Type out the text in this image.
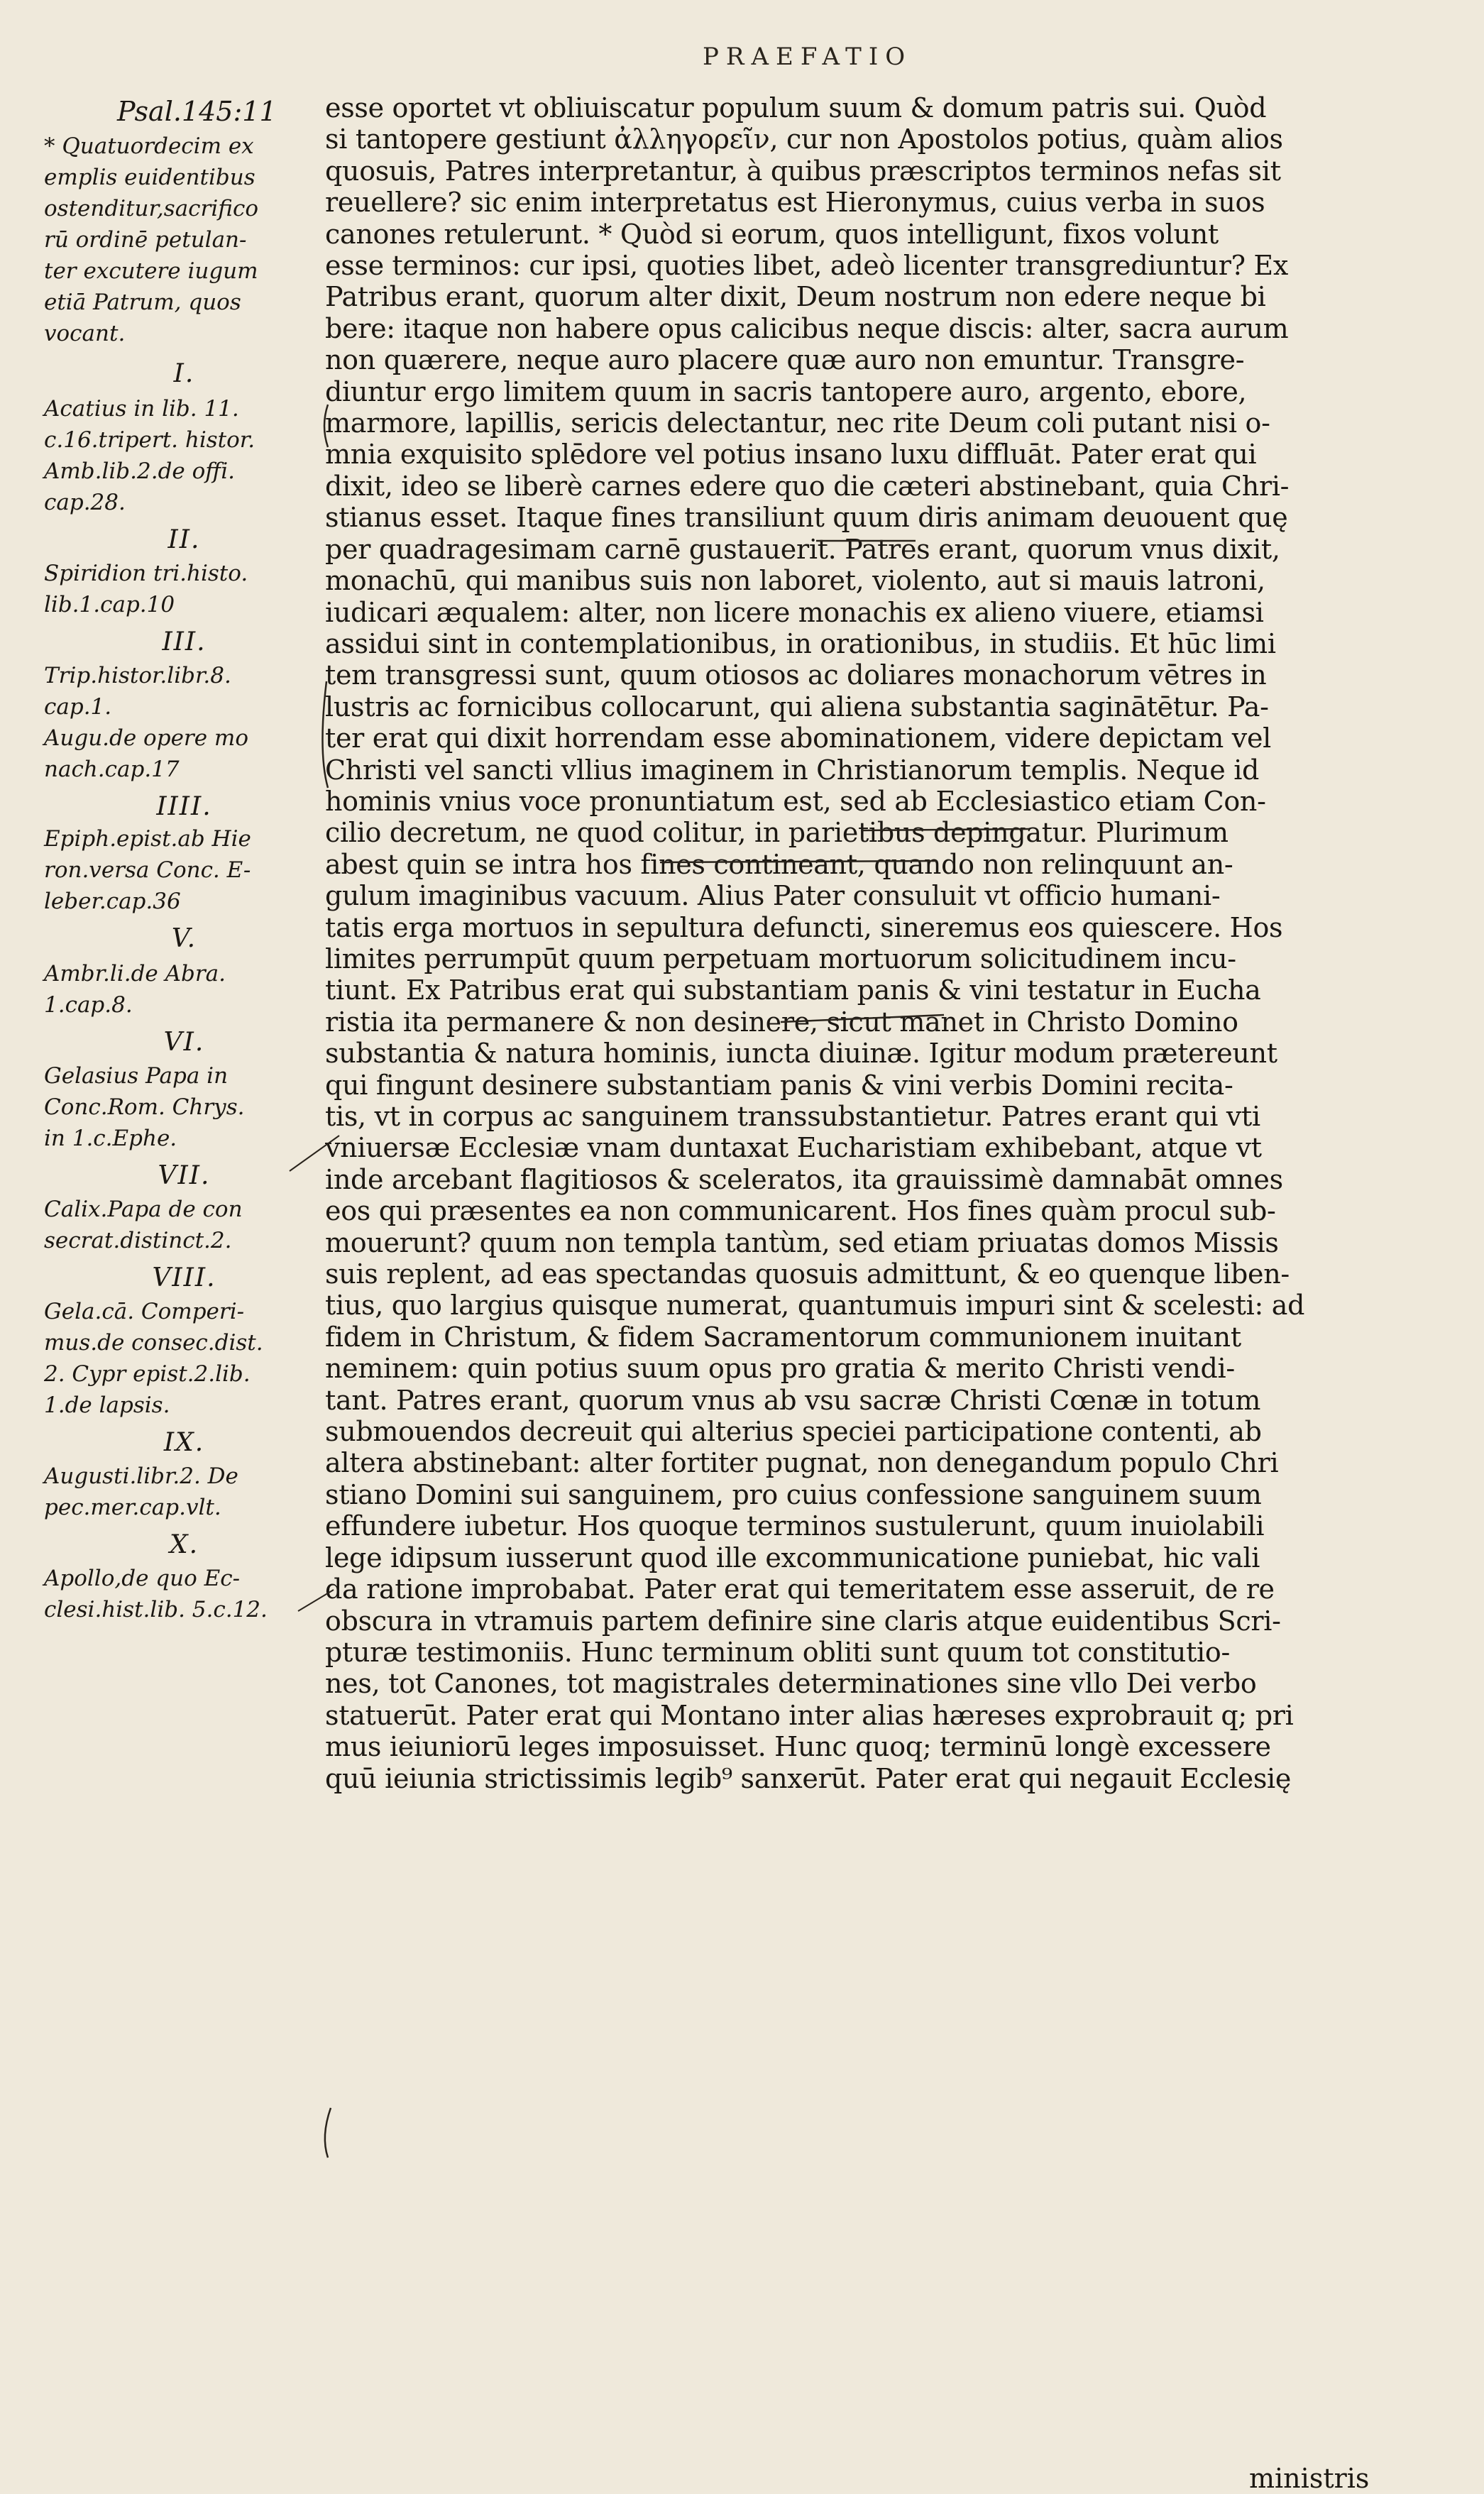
PRAEFATIO
Psal.145:11

* Quatuordecim ex
emplis euidentibus
ostenditur,sacrifico
rū ordinē petulan-
ter excutere iugum
etiā Patrum, quos
vocant.

I.

Acatius in lib. 11.
c.16.tripert. histor.
Amb.lib.2.de offi.
cap.28.

II.

Spiridion tri.histo.
lib.1.cap.10

III.

Trip.histor.libr.8.
cap.1.
Augu.de opere mo
nach.cap.17

IIII.

Epiph.epist.ab Hie
ron.versa Conc. E-
leber.cap.36

V.

Ambr.li.de Abra.
1.cap.8.

VI.

Gelasius Papa in
Conc.Rom. Chrys.
in 1.c.Ephe.

VII.

Calix.Papa de con
secrat.distinct.2.

VIII.

Gela.cā. Comperi-
mus.de consec.dist.
2. Cypr epist.2.lib.
1.de lapsis.

IX.

Augusti.libr.2. De
pec.mer.cap.vlt.

X.

Apollo,de quo Ec-
clesi.hist.lib. 5.c.12.

esse oportet vt obliuiscatur populum suum & domum patris sui. Quòd
si tantopere gestiunt ἀλληγορεῖν, cur non Apostolos potius, quàm alios
quosuis, Patres interpretantur, à quibus præscriptos terminos nefas sit
reuellere? sic enim interpretatus est Hieronymus, cuius verba in suos
canones retulerunt. * Quòd si eorum, quos intelligunt, fixos volunt
esse terminos: cur ipsi, quoties libet, adeò licenter transgrediuntur? Ex
Patribus erant, quorum alter dixit, Deum nostrum non edere neque bi
bere: itaque non habere opus calicibus neque discis: alter, sacra aurum
non quærere, neque auro placere quæ auro non emuntur. Transgre-
diuntur ergo limitem quum in sacris tantopere auro, argento, ebore,
marmore, lapillis, sericis delectantur, nec rite Deum coli putant nisi o-
mnia exquisito splēdore vel potius insano luxu diffluāt. Pater erat qui
dixit, ideo se liberè carnes edere quo die cæteri abstinebant, quia Chri-
stianus esset. Itaque fines transiliunt quum diris animam deuouent quę
per quadragesimam carnē gustauerit. Patres erant, quorum vnus dixit,
monachū, qui manibus suis non laboret, violento, aut si mauis latroni,
iudicari æqualem: alter, non licere monachis ex alieno viuere, etiamsi
assidui sint in contemplationibus, in orationibus, in studiis. Et hūc limi
tem transgressi sunt, quum otiosos ac doliares monachorum vētres in
lustris ac fornicibus collocarunt, qui aliena substantia saginātētur. Pa-
ter erat qui dixit horrendam esse abominationem, videre depictam vel
Christi vel sancti vllius imaginem in Christianorum templis. Neque id
hominis vnius voce pronuntiatum est, sed ab Ecclesiastico etiam Con-
cilio decretum, ne quod colitur, in parietibus depingatur. Plurimum
abest quin se intra hos fines contineant, quando non relinquunt an-
gulum imaginibus vacuum. Alius Pater consuluit vt officio humani-
tatis erga mortuos in sepultura defuncti, sineremus eos quiescere. Hos
limites perrumpūt quum perpetuam mortuorum solicitudinem incu-
tiunt. Ex Patribus erat qui substantiam panis & vini testatur in Eucha
ristia ita permanere & non desinere, sicut manet in Christo Domino
substantia & natura hominis, iuncta diuinæ. Igitur modum prætereunt
qui fingunt desinere substantiam panis & vini verbis Domini recita-
tis, vt in corpus ac sanguinem transsubstantietur. Patres erant qui vti
vniuersæ Ecclesiæ vnam duntaxat Eucharistiam exhibebant, atque vt
inde arcebant flagitiosos & sceleratos, ita grauissimè damnabāt omnes
eos qui præsentes ea non communicarent. Hos fines quàm procul sub-
mouerunt? quum non templa tantùm, sed etiam priuatas domos Missis
suis replent, ad eas spectandas quosuis admittunt, & eo quenque liben-
tius, quo largius quisque numerat, quantumuis impuri sint & scelesti: ad
fidem in Christum, & fidem Sacramentorum communionem inuitant
neminem: quin potius suum opus pro gratia & merito Christi vendi-
tant. Patres erant, quorum vnus ab vsu sacræ Christi Cœnæ in totum
submouendos decreuit qui alterius speciei participatione contenti, ab
altera abstinebant: alter fortiter pugnat, non denegandum populo Chri
stiano Domini sui sanguinem, pro cuius confessione sanguinem suum
effundere iubetur. Hos quoque terminos sustulerunt, quum inuiolabili
lege idipsum iusserunt quod ille excommunicatione puniebat, hic vali
da ratione improbabat. Pater erat qui temeritatem esse asseruit, de re
obscura in vtramuis partem definire sine claris atque euidentibus Scri-
pturæ testimoniis. Hunc terminum obliti sunt quum tot constitutio-
nes, tot Canones, tot magistrales determinationes sine vllo Dei verbo
statuerūt. Pater erat qui Montano inter alias hæreses exprobrauit q; pri
mus ieiuniorū leges imposuisset. Hunc quoq; terminū longè excessere
quū ieiunia strictissimis legib⁹ sanxerūt. Pater erat qui negauit Ecclesię
ministris
